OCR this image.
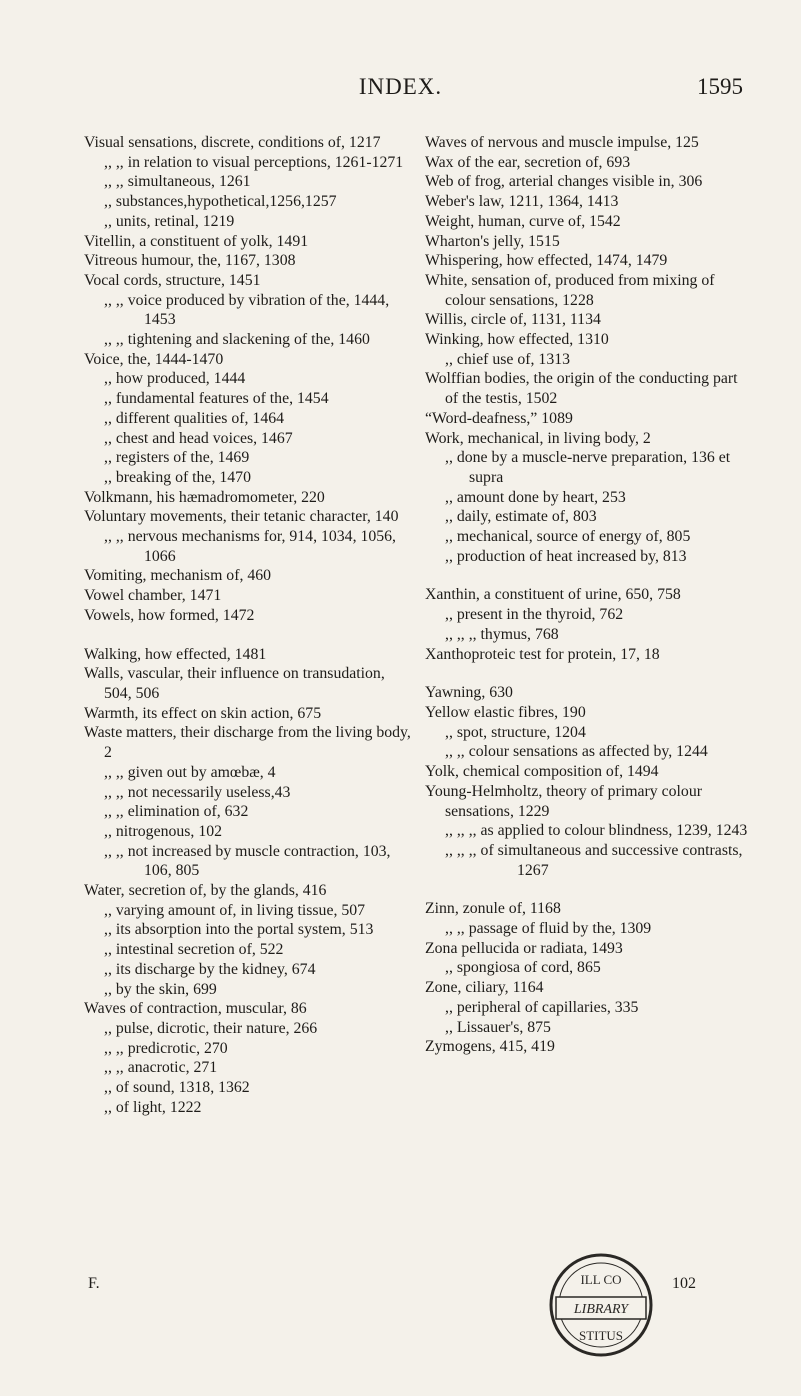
INDEX.	1595
Visual sensations, discrete, conditions of, 1217
,, ,, in relation to visual perceptions, 1261-1271
,, ,, simultaneous, 1261
,, substances,hypothetical,1256,1257
,, units, retinal, 1219
Vitellin, a constituent of yolk, 1491
Vitreous humour, the, 1167, 1308
Vocal cords, structure, 1451
,, ,, voice produced by vibration of the, 1444, 1453
,, ,, tightening and slackening of the, 1460
Voice, the, 1444-1470
,, how produced, 1444
,, fundamental features of the, 1454
,, different qualities of, 1464
,, chest and head voices, 1467
,, registers of the, 1469
,, breaking of the, 1470
Volkmann, his hæmadromometer, 220
Voluntary movements, their tetanic character, 140
,, ,, nervous mechanisms for, 914, 1034, 1056, 1066
Vomiting, mechanism of, 460
Vowel chamber, 1471
Vowels, how formed, 1472
Walking, how effected, 1481
Walls, vascular, their influence on transudation, 504, 506
Warmth, its effect on skin action, 675
Waste matters, their discharge from the living body, 2
,, ,, given out by amœbæ, 4
,, ,, not necessarily useless,43
,, ,, elimination of, 632
,, nitrogenous, 102
,, ,, not increased by muscle contraction, 103, 106, 805
Water, secretion of, by the glands, 416
,, varying amount of, in living tissue, 507
,, its absorption into the portal system, 513
,, intestinal secretion of, 522
,, its discharge by the kidney, 674
,, by the skin, 699
Waves of contraction, muscular, 86
,, pulse, dicrotic, their nature, 266
,, ,, predicrotic, 270
,, ,, anacrotic, 271
,, of sound, 1318, 1362
,, of light, 1222
Waves of nervous and muscle impulse, 125
Wax of the ear, secretion of, 693
Web of frog, arterial changes visible in, 306
Weber's law, 1211, 1364, 1413
Weight, human, curve of, 1542
Wharton's jelly, 1515
Whispering, how effected, 1474, 1479
White, sensation of, produced from mixing of colour sensations, 1228
Willis, circle of, 1131, 1134
Winking, how effected, 1310
,, chief use of, 1313
Wolffian bodies, the origin of the conducting part of the testis, 1502
“Word-deafness,” 1089
Work, mechanical, in living body, 2
,, done by a muscle-nerve preparation, 136 et supra
,, amount done by heart, 253
,, daily, estimate of, 803
,, mechanical, source of energy of, 805
,, production of heat increased by, 813
Xanthin, a constituent of urine, 650, 758
,, present in the thyroid, 762
,, ,, ,, thymus, 768
Xanthoproteic test for protein, 17, 18
Yawning, 630
Yellow elastic fibres, 190
,, spot, structure, 1204
,, ,, colour sensations as affected by, 1244
Yolk, chemical composition of, 1494
Young-Helmholtz, theory of primary colour sensations, 1229
,, ,, ,, as applied to colour blindness, 1239, 1243
,, ,, ,, of simultaneous and successive contrasts, 1267
Zinn, zonule of, 1168
,, ,, passage of fluid by the, 1309
Zona pellucida or radiata, 1493
,, spongiosa of cord, 865
Zone, ciliary, 1164
,, peripheral of capillaries, 335
,, Lissauer's, 875
Zymogens, 415, 419
F.	102
LIBRARY
ILL CO
STITUS
